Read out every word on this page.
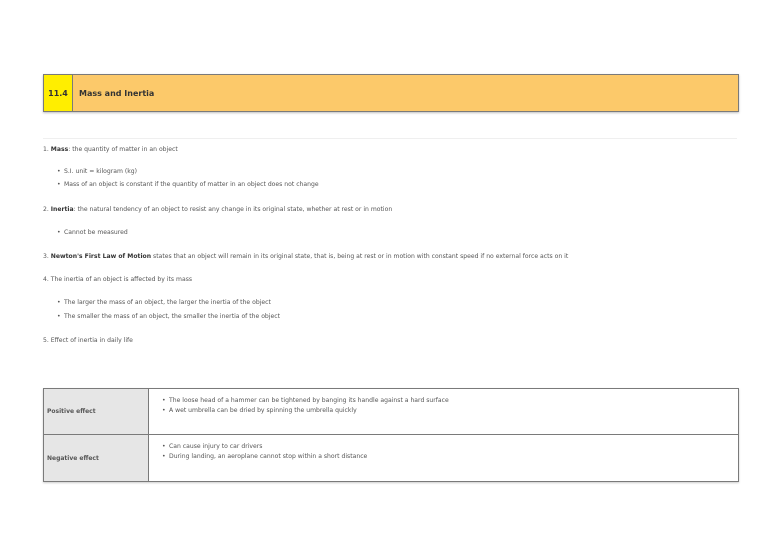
11.4	Mass and Inertia
1. Mass: the quantity of matter in an object
• S.I. unit = kilogram (kg)
• Mass of an object is constant if the quantity of matter in an object does not change
2. Inertia: the natural tendency of an object to resist any change in its original state, whether at rest or in motion
• Cannot be measured
3. Newton's First Law of Motion states that an object will remain in its original state, that is, being at rest or in motion with constant speed if no external force acts on it
4. The inertia of an object is affected by its mass
• The larger the mass of an object, the larger the inertia of the object
• The smaller the mass of an object, the smaller the inertia of the object
5. Effect of inertia in daily life
Positive effect
• The loose head of a hammer can be tightened by banging its handle against a hard surface
• A wet umbrella can be dried by spinning the umbrella quickly
Negative effect
• Can cause injury to car drivers
• During landing, an aeroplane cannot stop within a short distance
